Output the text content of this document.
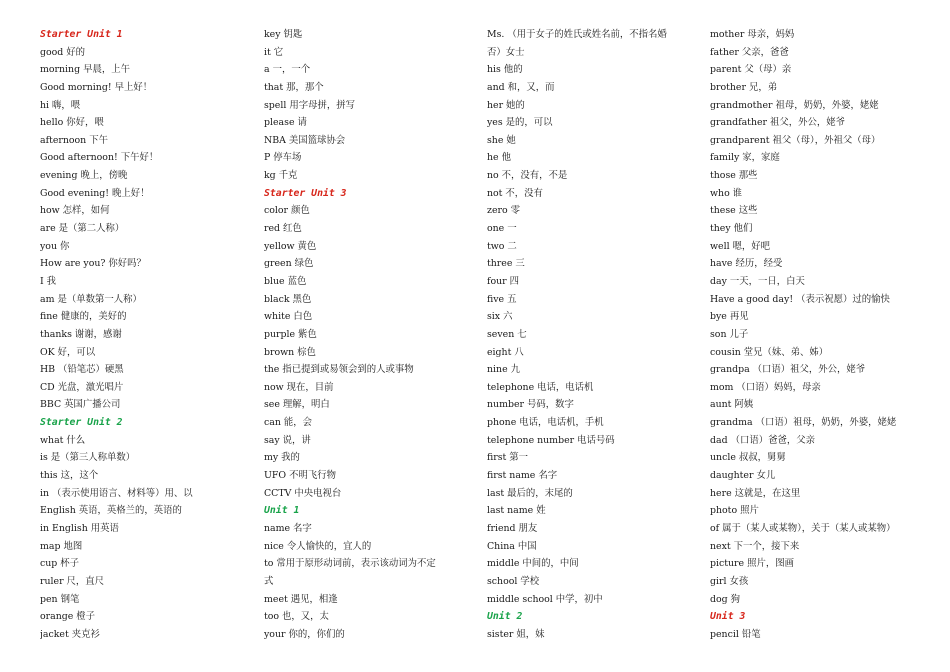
Starter Unit 1
good 好的
morning 早晨，上午
Good morning! 早上好！
hi 嗨，喂
hello 你好，喂
afternoon 下午
Good afternoon! 下午好！
evening 晚上，傍晚
Good evening! 晚上好！
how 怎样，如何
are 是（第二人称）
you 你
How are you? 你好吗？
I 我
am 是（单数第一人称）
fine 健康的，美好的
thanks 谢谢，感谢
OK 好，可以
HB （铅笔芯）硬黑
CD 光盘，激光唱片
BBC 英国广播公司
Starter Unit 2
what 什么
is 是（第三人称单数）
this 这，这个
in （表示使用语言、材料等）用、以
English 英语，英格兰的，英语的
in English 用英语
map 地图
cup 杯子
ruler 尺，直尺
pen 钢笔
orange 橙子
jacket 夹克衫
key 钥匙
it 它
a 一，一个
that 那，那个
spell 用字母拼，拼写
please 请
NBA 美国篮球协会
P 停车场
kg 千克
Starter Unit 3
color 颜色
red 红色
yellow 黄色
green 绿色
blue 蓝色
black 黑色
white 白色
purple 紫色
brown 棕色
the 指已提到或易领会到的人或事物
now 现在，目前
see 理解，明白
can 能，会
say 说，讲
my 我的
UFO 不明飞行物
CCTV 中央电视台
Unit 1
name 名字
nice 令人愉快的，宜人的
to 常用于原形动词前，表示该动词为不定
式
meet 遇见，相逢
too 也，又，太
your 你的，你们的
Ms. （用于女子的姓氏或姓名前，不指名婚
否）女士
his 他的
and 和，又，而
her 她的
yes 是的，可以
she 她
he 他
no 不，没有，不是
not 不，没有
zero 零
one 一
two 二
three 三
four 四
five 五
six 六
seven 七
eight 八
nine 九
telephone 电话，电话机
number 号码，数字
phone 电话，电话机，手机
telephone number 电话号码
first 第一
first name 名字
last 最后的，末尾的
last name 姓
friend 朋友
China 中国
middle 中间的，中间
school 学校
middle school 中学，初中
Unit 2
sister 姐，妹
mother 母亲，妈妈
father 父亲，爸爸
parent 父（母）亲
brother 兄，弟
grandmother 祖母，奶奶，外婆，姥姥
grandfather 祖父，外公，姥爷
grandparent 祖父（母），外祖父（母）
family 家，家庭
those 那些
who 谁
these 这些
they 他们
well 嗯，好吧
have 经历，经受
day 一天，一日，白天
Have a good day! （表示祝愿）过的愉快
bye 再见
son 儿子
cousin 堂兄（妹、弟、姊）
grandpa （口语）祖父，外公，姥爷
mom （口语）妈妈，母亲
aunt 阿姨
grandma （口语）祖母，奶奶，外婆，姥姥
dad （口语）爸爸，父亲
uncle 叔叔，舅舅
daughter 女儿
here 这就是，在这里
photo 照片
of 属于（某人或某物），关于（某人或某物）
next 下一个，接下来
picture 照片，图画
girl 女孩
dog 狗
Unit 3
pencil 铅笔
